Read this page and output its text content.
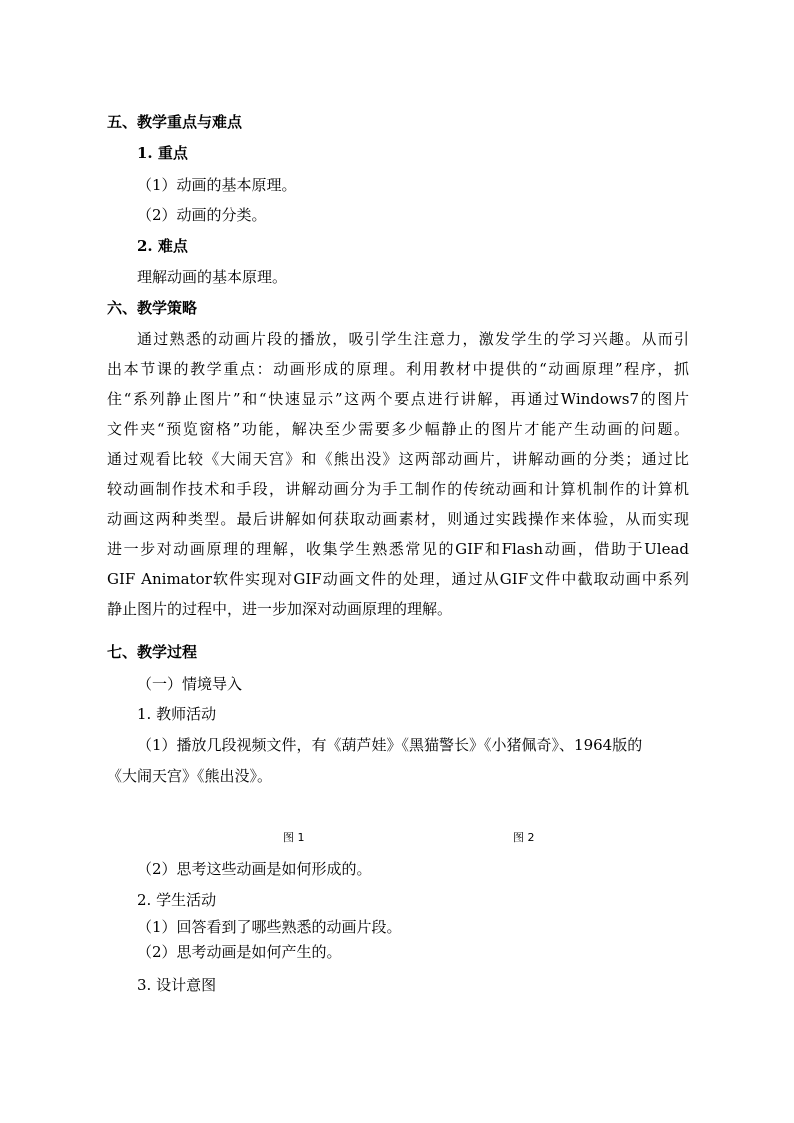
五、教学重点与难点

1. 重点

（1）动画的基本原理。

（2）动画的分类。

2. 难点

理解动画的基本原理。

六、教学策略

通过熟悉的动画片段的播放，吸引学生注意力，激发学生的学习兴趣。从而引
出本节课的教学重点：动画形成的原理。利用教材中提供的“动画原理”程序，抓
住“系列静止图片”和“快速显示”这两个要点进行讲解，再通过Windows7的图片
文件夹“预览窗格”功能，解决至少需要多少幅静止的图片才能产生动画的问题。
通过观看比较《大闹天宫》和《熊出没》这两部动画片，讲解动画的分类；通过比
较动画制作技术和手段，讲解动画分为手工制作的传统动画和计算机制作的计算机
动画这两种类型。最后讲解如何获取动画素材，则通过实践操作来体验，从而实现
进一步对动画原理的理解，收集学生熟悉常见的GIF和Flash动画，借助于Ulead
GIF Animator软件实现对GIF动画文件的处理，通过从GIF文件中截取动画中系列
静止图片的过程中，进一步加深对动画原理的理解。

七、教学过程

（一）情境导入

1. 教师活动

（1）播放几段视频文件，有《葫芦娃》《黑猫警长》《小猪佩奇》、1964版的

《大闹天宫》《熊出没》。

图 1	图 2

（2）思考这些动画是如何形成的。

2. 学生活动

（1）回答看到了哪些熟悉的动画片段。

（2）思考动画是如何产生的。

3. 设计意图
